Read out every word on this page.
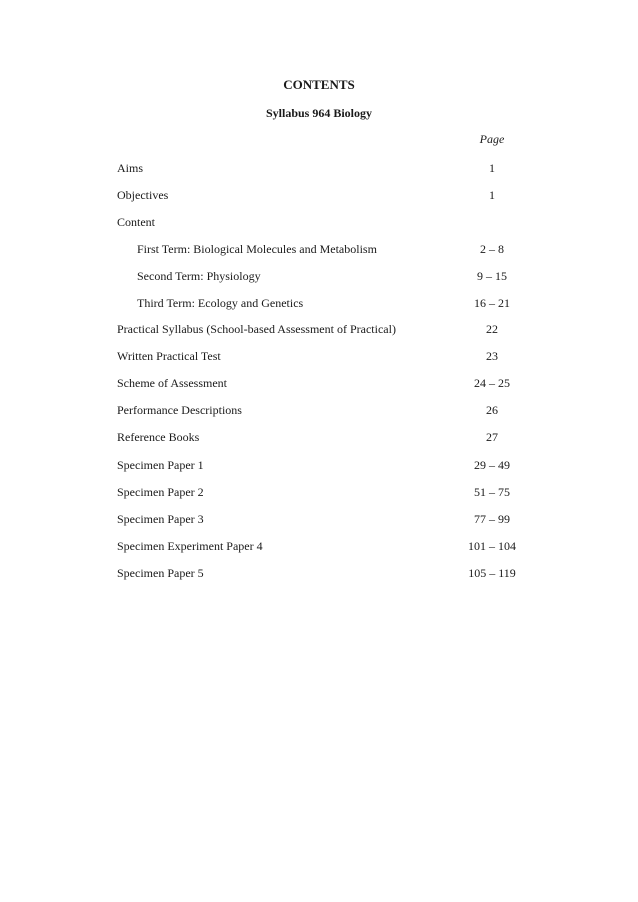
CONTENTS
Syllabus 964 Biology
Page
Aims	1
Objectives	1
Content
First Term: Biological Molecules and Metabolism	2 – 8
Second Term: Physiology	9 – 15
Third Term: Ecology and Genetics	16 – 21
Practical Syllabus (School-based Assessment of Practical)	22
Written Practical Test	23
Scheme of Assessment	24 – 25
Performance Descriptions	26
Reference Books	27
Specimen Paper 1	29 – 49
Specimen Paper 2	51 – 75
Specimen Paper 3	77 – 99
Specimen Experiment Paper 4	101 – 104
Specimen Paper 5	105 – 119
